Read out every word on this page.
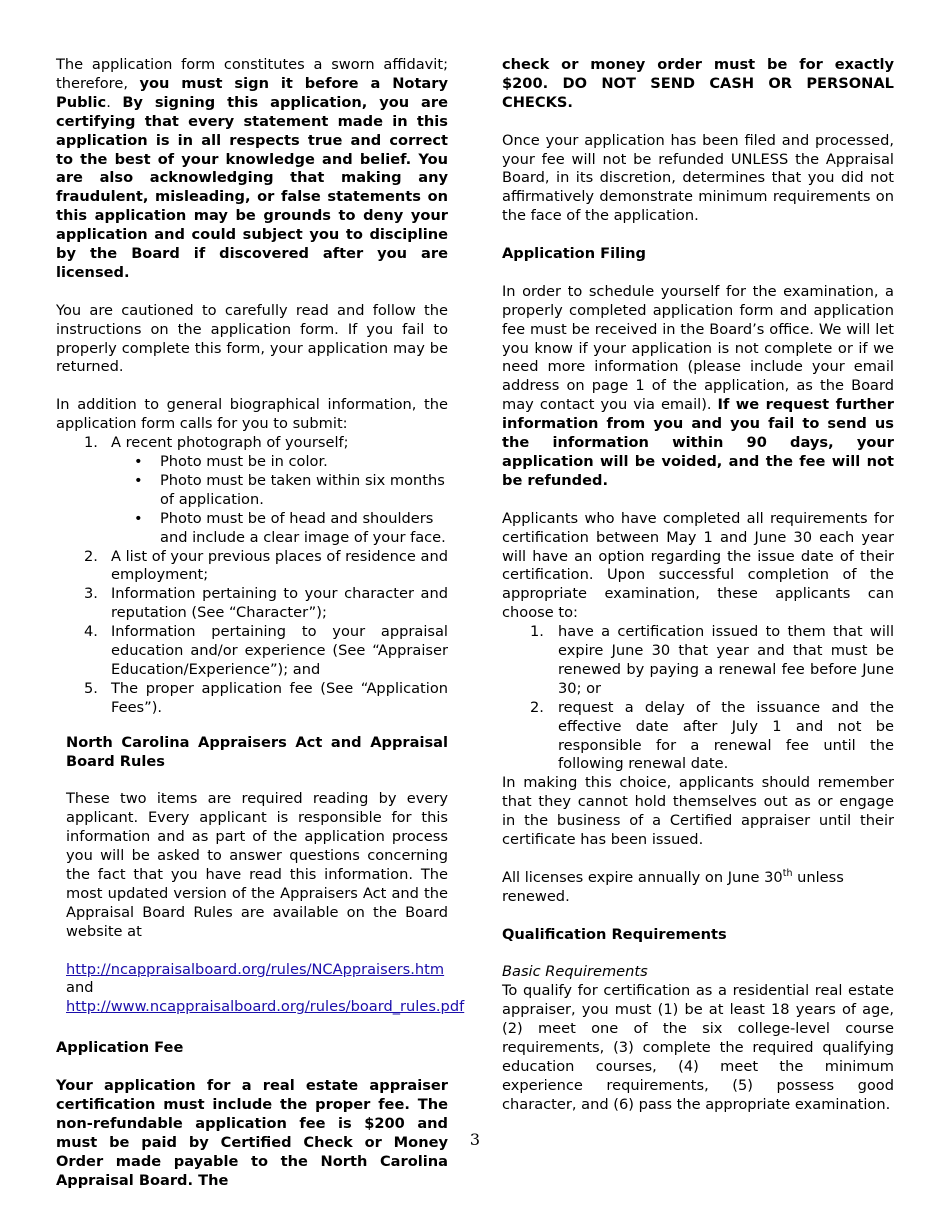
The application form constitutes a sworn affidavit; therefore, you must sign it before a Notary Public. By signing this application, you are certifying that every statement made in this application is in all respects true and correct to the best of your knowledge and belief. You are also acknowledging that making any fraudulent, misleading, or false statements on this application may be grounds to deny your application and could subject you to discipline by the Board if discovered after you are licensed.

You are cautioned to carefully read and follow the instructions on the application form. If you fail to properly complete this form, your application may be returned.

In addition to general biographical information, the application form calls for you to submit:

1. A recent photograph of yourself;
• Photo must be in color.
• Photo must be taken within six months of application.
• Photo must be of head and shoulders and include a clear image of your face.
2. A list of your previous places of residence and employment;
3. Information pertaining to your character and reputation (See “Character”);
4. Information pertaining to your appraisal education and/or experience (See “Appraiser Education/Experience”); and
5. The proper application fee (See “Application Fees”).

North Carolina Appraisers Act and Appraisal Board Rules

These two items are required reading by every applicant. Every applicant is responsible for this information and as part of the application process you will be asked to answer questions concerning the fact that you have read this information. The most updated version of the Appraisers Act and the Appraisal Board Rules are available on the Board website at

http://ncappraisalboard.org/rules/NCAppraisers.htm
and
http://www.ncappraisalboard.org/rules/board_rules.pdf

Application Fee

Your application for a real estate appraiser certification must include the proper fee. The non-refundable application fee is $200 and must be paid by Certified Check or Money Order made payable to the North Carolina Appraisal Board. The

check or money order must be for exactly $200. DO NOT SEND CASH OR PERSONAL CHECKS.

Once your application has been filed and processed, your fee will not be refunded UNLESS the Appraisal Board, in its discretion, determines that you did not affirmatively demonstrate minimum requirements on the face of the application.

Application Filing

In order to schedule yourself for the examination, a properly completed application form and application fee must be received in the Board’s office. We will let you know if your application is not complete or if we need more information (please include your email address on page 1 of the application, as the Board may contact you via email). If we request further information from you and you fail to send us the information within 90 days, your application will be voided, and the fee will not be refunded.

Applicants who have completed all requirements for certification between May 1 and June 30 each year will have an option regarding the issue date of their certification. Upon successful completion of the appropriate examination, these applicants can choose to:

1. have a certification issued to them that will expire June 30 that year and that must be renewed by paying a renewal fee before June 30; or
2. request a delay of the issuance and the effective date after July 1 and not be responsible for a renewal fee until the following renewal date.

In making this choice, applicants should remember that they cannot hold themselves out as or engage in the business of a Certified appraiser until their certificate has been issued.

All licenses expire annually on June 30th unless renewed.

Qualification Requirements

Basic Requirements

To qualify for certification as a residential real estate appraiser, you must (1) be at least 18 years of age, (2) meet one of the six college-level course requirements, (3) complete the required qualifying education courses, (4) meet the minimum experience requirements, (5) possess good character, and (6) pass the appropriate examination.

3
